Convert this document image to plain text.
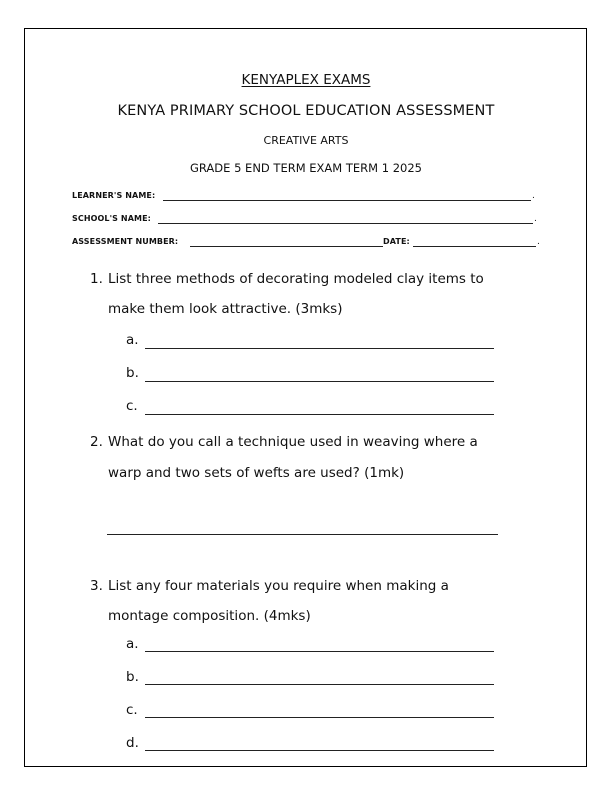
KENYAPLEX EXAMS
KENYA PRIMARY SCHOOL EDUCATION ASSESSMENT
CREATIVE ARTS
GRADE 5 END TERM EXAM TERM 1 2025
LEARNER'S NAME:	.
SCHOOL'S NAME:	.
ASSESSMENT NUMBER:	DATE:	.
1. List three methods of decorating modeled clay items to
make them look attractive. (3mks)
a.
b.
c.
2. What do you call a technique used in weaving where a
warp and two sets of wefts are used? (1mk)
3. List any four materials you require when making a
montage composition. (4mks)
a.
b.
c.
d.
